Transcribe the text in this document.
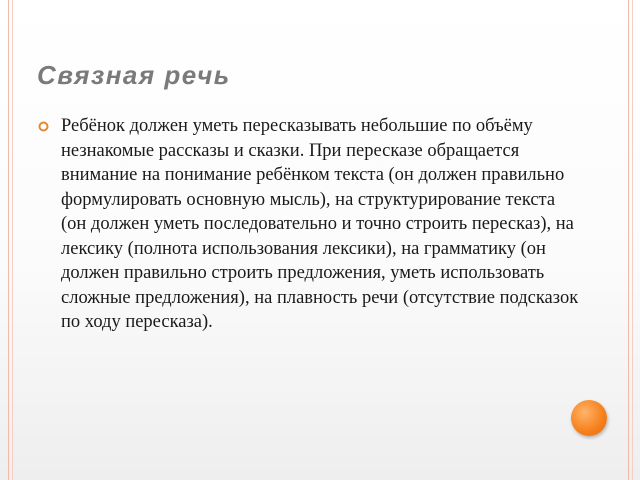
Связная речь

Ребёнок должен уметь пересказывать небольшие по объёму незнакомые рассказы и сказки. При пересказе обращается внимание на понимание ребёнком текста (он должен правильно формулировать основную мысль), на структурирование текста (он должен уметь последовательно и точно строить пересказ), на лексику (полнота использования лексики), на грамматику (он должен правильно строить предложения, уметь использовать сложные предложения), на плавность речи (отсутствие подсказок по ходу пересказа).
